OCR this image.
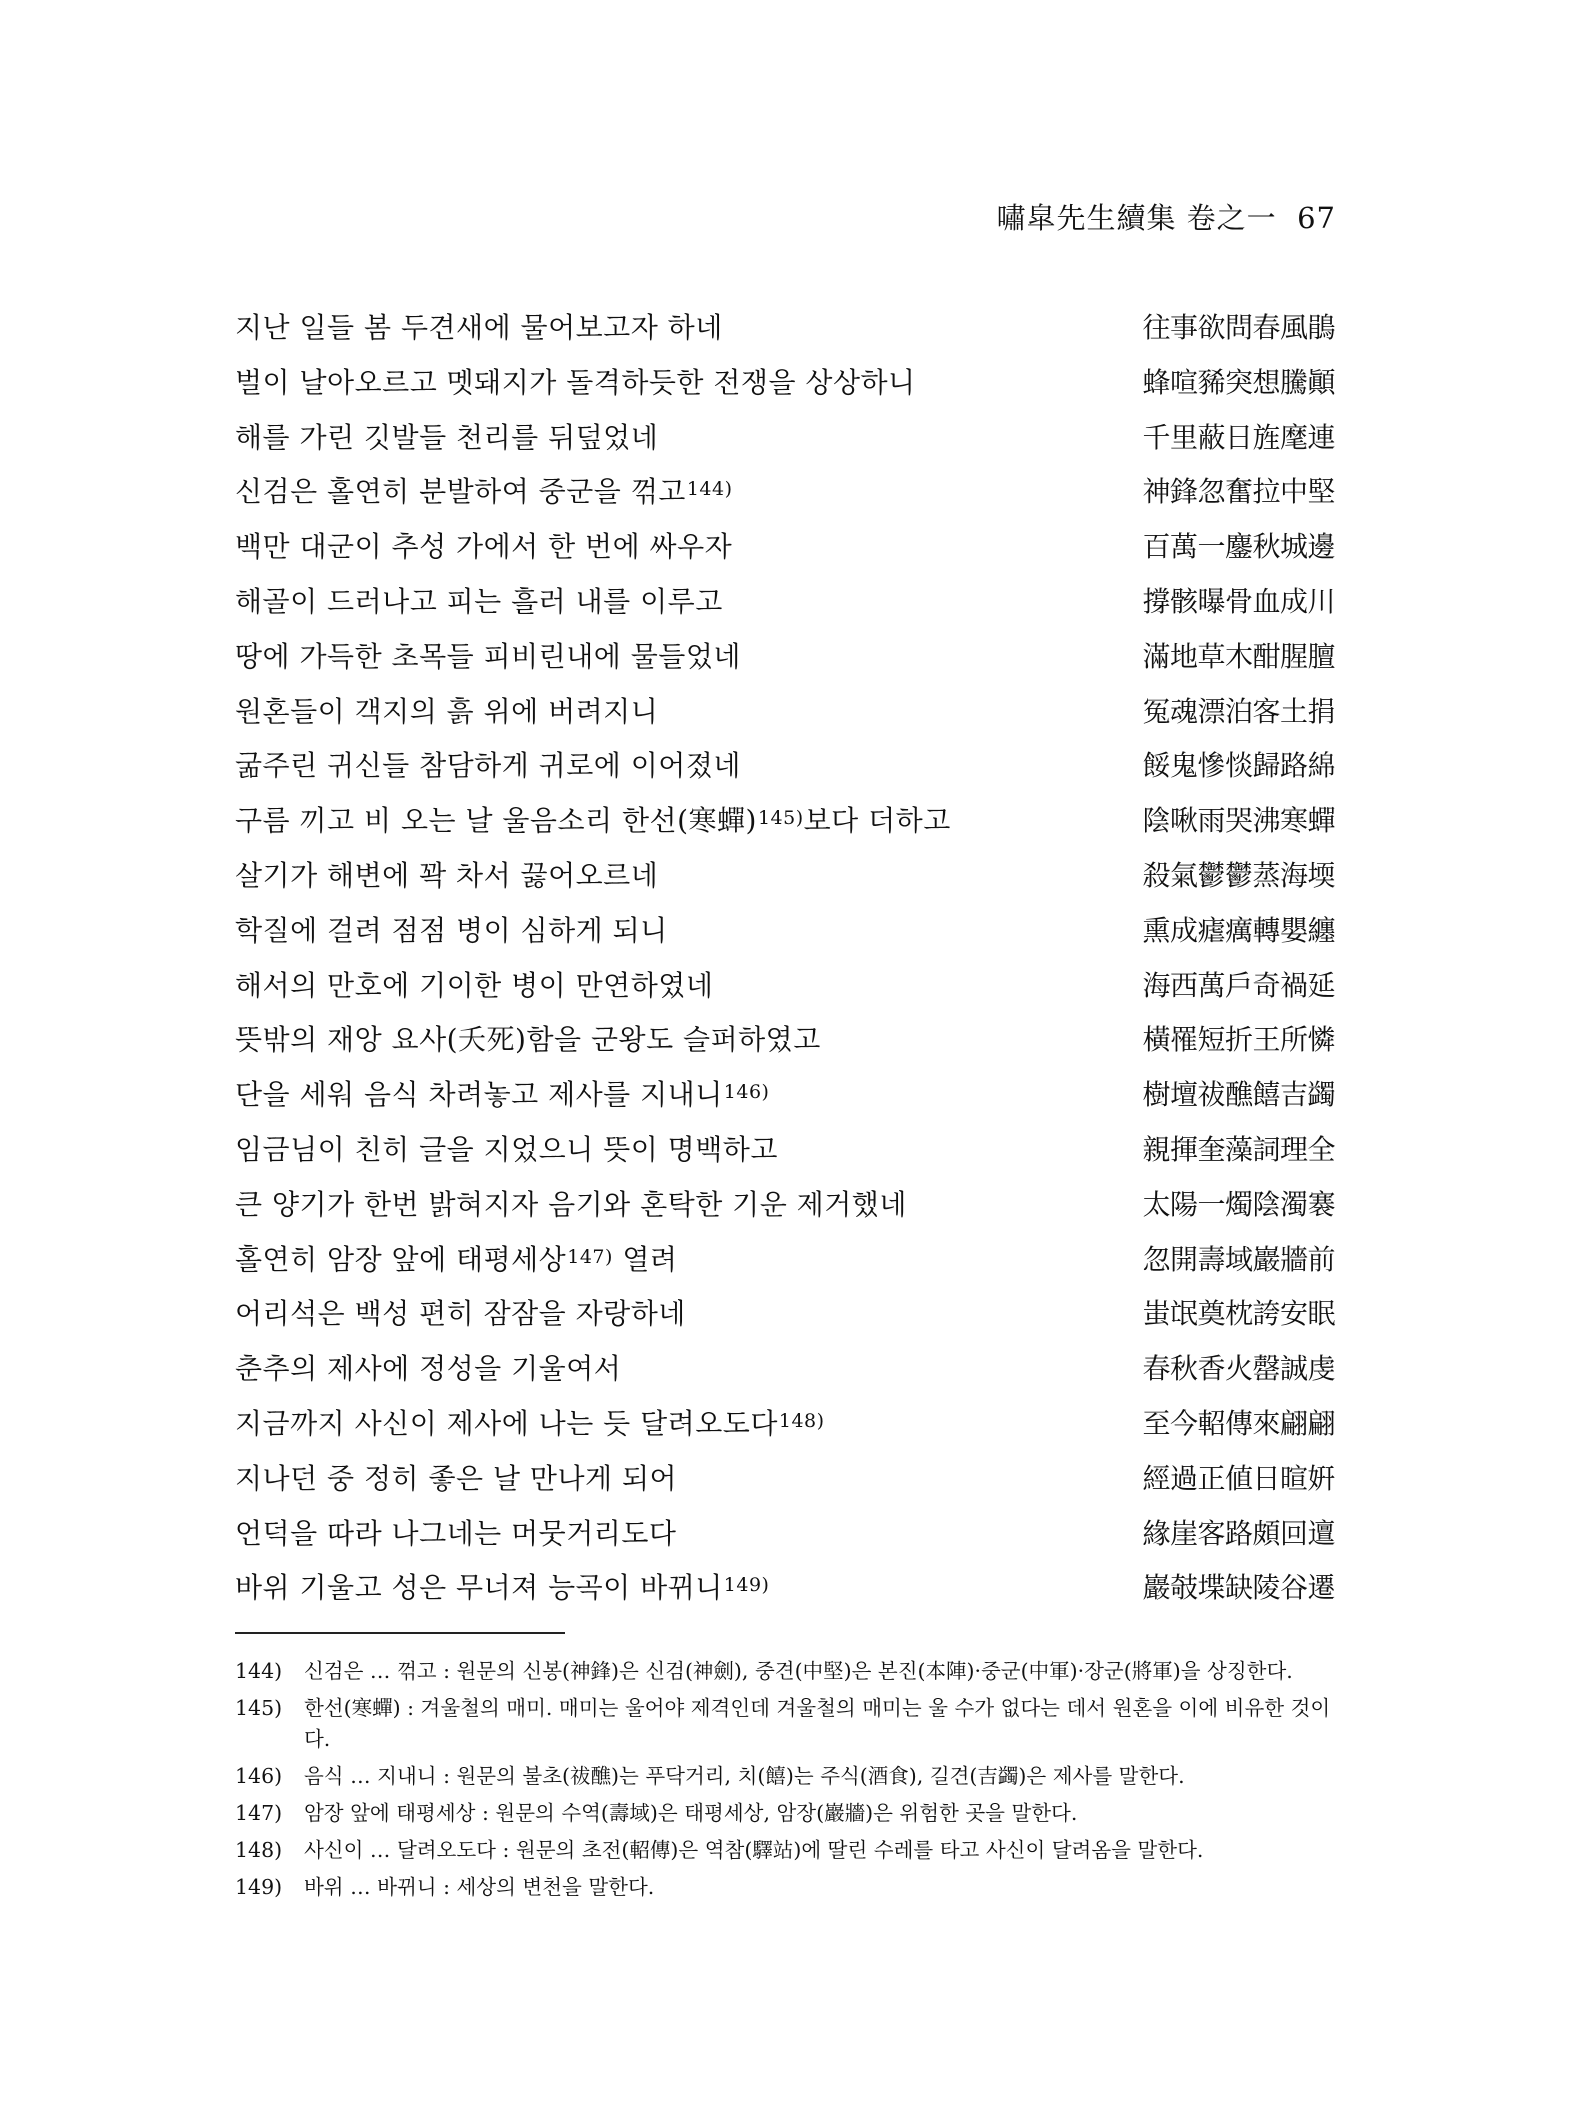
嘯皐先生續集 卷之一 67
지난 일들 봄 두견새에 물어보고자 하네	往事欲問春風鵑
벌이 날아오르고 멧돼지가 돌격하듯한 전쟁을 상상하니	蜂喧豨突想騰顚
해를 가린 깃발들 천리를 뒤덮었네	千里蔽日旌麾連
신검은 홀연히 분발하여 중군을 꺾고$^{144)}$	神鋒忽奮拉中堅
백만 대군이 추성 가에서 한 번에 싸우자	百萬一鏖秋城邊
해골이 드러나고 피는 흘러 내를 이루고	撐骸曝骨血成川
땅에 가득한 초목들 피비린내에 물들었네	滿地草木酣腥膻
원혼들이 객지의 흙 위에 버려지니	冤魂漂泊客土捐
굶주린 귀신들 참담하게 귀로에 이어졌네	餒鬼慘惔歸路綿
구름 끼고 비 오는 날 울음소리 한선(寒蟬)$^{145)}$보다 더하고	陰啾雨哭沸寒蟬
살기가 해변에 꽉 차서 끓어오르네	殺氣鬱鬱蒸海堧
학질에 걸려 점점 병이 심하게 되니	熏成瘧癘轉嬰纏
해서의 만호에 기이한 병이 만연하였네	海西萬戶奇禍延
뜻밖의 재앙 요사(夭死)함을 군왕도 슬퍼하였고	橫罹短折王所憐
단을 세워 음식 차려놓고 제사를 지내니$^{146)}$	樹壇祓醮饎吉蠲
임금님이 친히 글을 지었으니 뜻이 명백하고	親揮奎藻詞理全
큰 양기가 한번 밝혀지자 음기와 혼탁한 기운 제거했네	太陽一燭陰濁褰
홀연히 암장 앞에 태평세상$^{147)}$ 열려	忽開壽域巖牆前
어리석은 백성 편히 잠잠을 자랑하네	蚩氓奠枕誇安眠
춘추의 제사에 정성을 기울여서	春秋香火罄誠虔
지금까지 사신이 제사에 나는 듯 달려오도다$^{148)}$	至今軺傳來翩翩
지나던 중 정히 좋은 날 만나게 되어	經過正値日暄姸
언덕을 따라 나그네는 머뭇거리도다	緣崖客路頗回邅
바위 기울고 성은 무너져 능곡이 바뀌니$^{149)}$	巖攲堞缺陵谷遷
144)	신검은 … 꺾고 : 원문의 신봉(神鋒)은 신검(神劍), 중견(中堅)은 본진(本陣)·중군(中軍)·장군(將軍)을 상징한다.
145)	한선(寒蟬) : 겨울철의 매미. 매미는 울어야 제격인데 겨울철의 매미는 울 수가 없다는 데서 원혼을 이에 비유한 것이다.
146)	음식 … 지내니 : 원문의 불초(祓醮)는 푸닥거리, 치(饎)는 주식(酒食), 길견(吉蠲)은 제사를 말한다.
147)	암장 앞에 태평세상 : 원문의 수역(壽域)은 태평세상, 암장(巖牆)은 위험한 곳을 말한다.
148)	사신이 … 달려오도다 : 원문의 초전(軺傳)은 역참(驛站)에 딸린 수레를 타고 사신이 달려옴을 말한다.
149)	바위 … 바뀌니 : 세상의 변천을 말한다.
